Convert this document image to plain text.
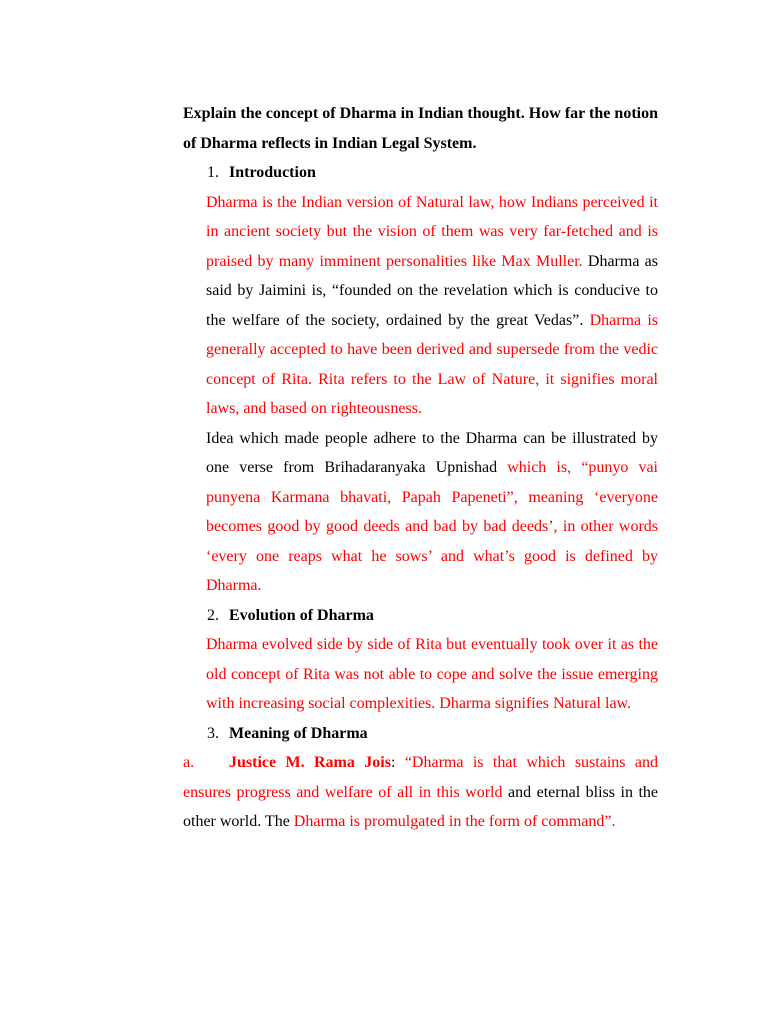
Explain the concept of Dharma in Indian thought. How far the notion of Dharma reflects in Indian Legal System.

1. Introduction

Dharma is the Indian version of Natural law, how Indians perceived it in ancient society but the vision of them was very far-fetched and is praised by many imminent personalities like Max Muller. Dharma as said by Jaimini is, “founded on the revelation which is conducive to the welfare of the society, ordained by the great Vedas”. Dharma is generally accepted to have been derived and supersede from the vedic concept of Rita. Rita refers to the Law of Nature, it signifies moral laws, and based on righteousness.

Idea which made people adhere to the Dharma can be illustrated by one verse from Brihadaranyaka Upnishad which is, “punyo vai punyena Karmana bhavati, Papah Papeneti”, meaning ‘everyone becomes good by good deeds and bad by bad deeds’, in other words ‘every one reaps what he sows’ and what’s good is defined by Dharma.

2. Evolution of Dharma

Dharma evolved side by side of Rita but eventually took over it as the old concept of Rita was not able to cope and solve the issue emerging with increasing social complexities. Dharma signifies Natural law.

3. Meaning of Dharma

a. Justice M. Rama Jois: “Dharma is that which sustains and ensures progress and welfare of all in this world and eternal bliss in the other world. The Dharma is promulgated in the form of command”.
